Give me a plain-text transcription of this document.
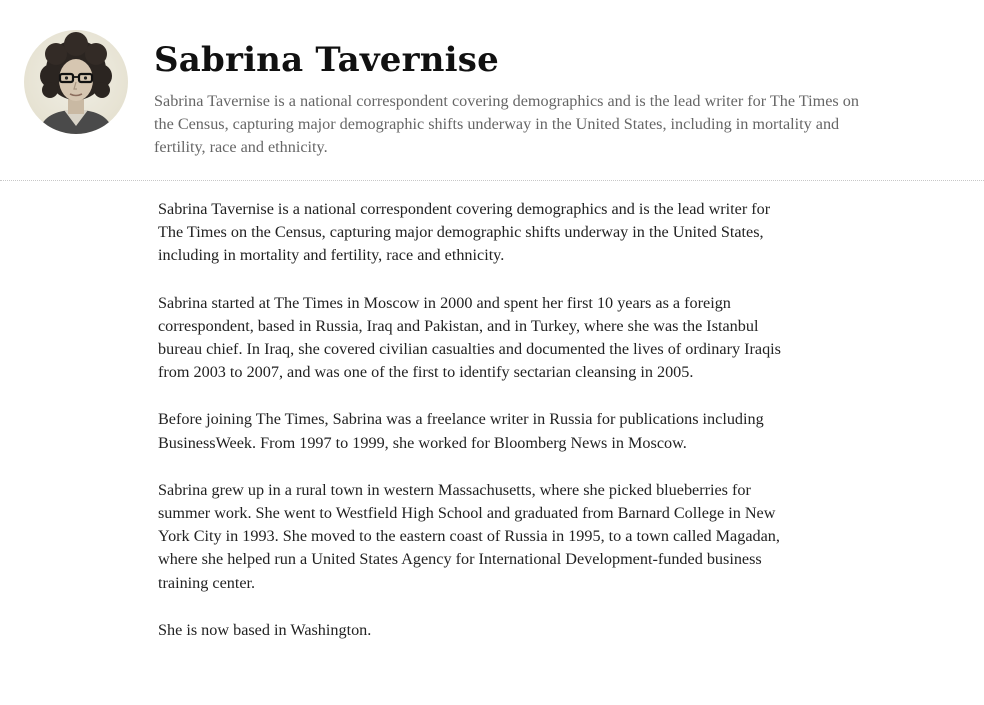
Sabrina Tavernise

Sabrina Tavernise is a national correspondent covering demographics and is the lead writer for The Times on the Census, capturing major demographic shifts underway in the United States, including in mortality and fertility, race and ethnicity.

Sabrina Tavernise is a national correspondent covering demographics and is the lead writer for The Times on the Census, capturing major demographic shifts underway in the United States, including in mortality and fertility, race and ethnicity.

Sabrina started at The Times in Moscow in 2000 and spent her first 10 years as a foreign correspondent, based in Russia, Iraq and Pakistan, and in Turkey, where she was the Istanbul bureau chief. In Iraq, she covered civilian casualties and documented the lives of ordinary Iraqis from 2003 to 2007, and was one of the first to identify sectarian cleansing in 2005.

Before joining The Times, Sabrina was a freelance writer in Russia for publications including BusinessWeek. From 1997 to 1999, she worked for Bloomberg News in Moscow.

Sabrina grew up in a rural town in western Massachusetts, where she picked blueberries for summer work. She went to Westfield High School and graduated from Barnard College in New York City in 1993. She moved to the eastern coast of Russia in 1995, to a town called Magadan, where she helped run a United States Agency for International Development-funded business training center.

She is now based in Washington.
